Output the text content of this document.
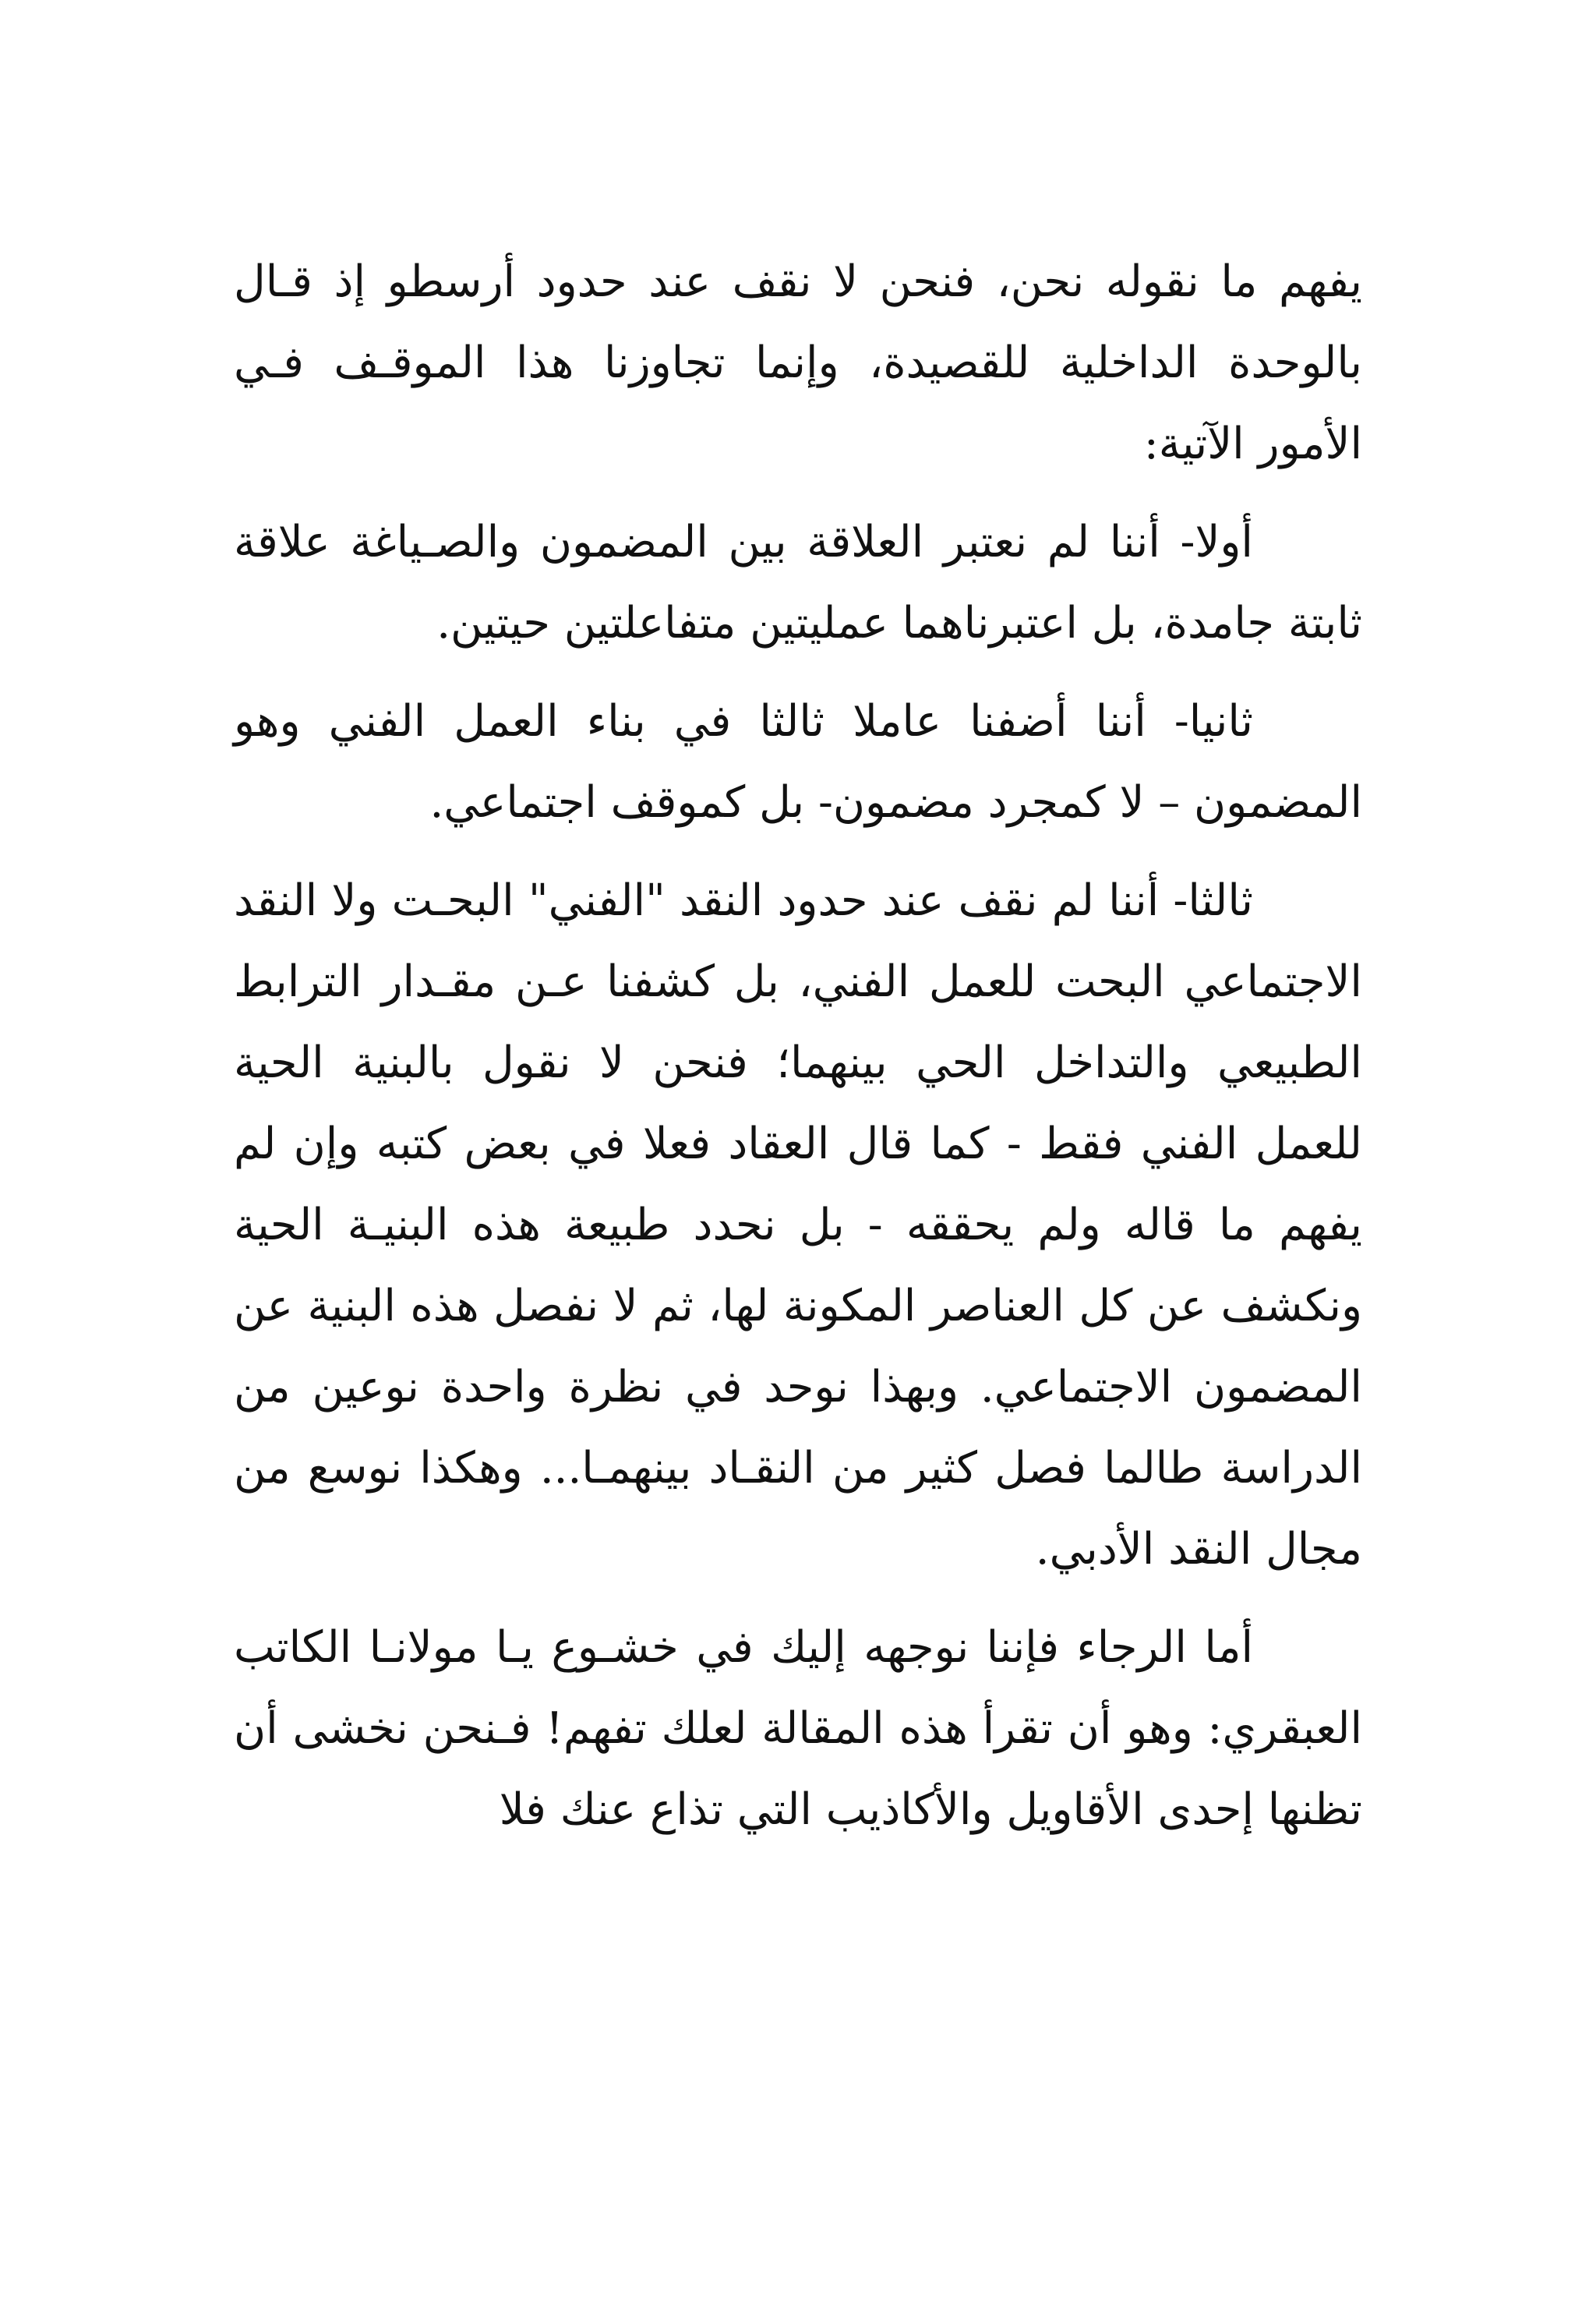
يفهم ما نقوله نحن، فنحن لا نقف عند حدود أرسطو إذ قـال بالوحدة الداخلية للقصيدة، وإنما تجاوزنا هذا الموقـف فـي الأمور الآتية:

أولا- أننا لم نعتبر العلاقة بين المضمون والصـياغة علاقة ثابتة جامدة، بل اعتبرناهما عمليتين متفاعلتين حيتين.

ثانيا- أننا أضفنا عاملا ثالثا في بناء العمل الفني وهو المضمون – لا كمجرد مضمون- بل كموقف اجتماعي.

ثالثا- أننا لم نقف عند حدود النقد "الفني" البحـت ولا النقد الاجتماعي البحت للعمل الفني، بل كشفنا عـن مقـدار الترابط الطبيعي والتداخل الحي بينهما؛ فنحن لا نقول بالبنية الحية للعمل الفني فقط - كما قال العقاد فعلا في بعض كتبه وإن لم يفهم ما قاله ولم يحققه - بل نحدد طبيعة هذه البنيـة الحية ونكشف عن كل العناصر المكونة لها، ثم لا نفصل هذه البنية عن المضمون الاجتماعي. وبهذا نوحد في نظرة واحدة نوعين من الدراسة طالما فصل كثير من النقـاد بينهمـا... وهكذا نوسع من مجال النقد الأدبي.

أما الرجاء فإننا نوجهه إليك في خشـوع يـا مولانـا الكاتب العبقري: وهو أن تقرأ هذه المقالة لعلك تفهم! فـنحن نخشى أن تظنها إحدى الأقاويل والأكاذيب التي تذاع عنك فلا
